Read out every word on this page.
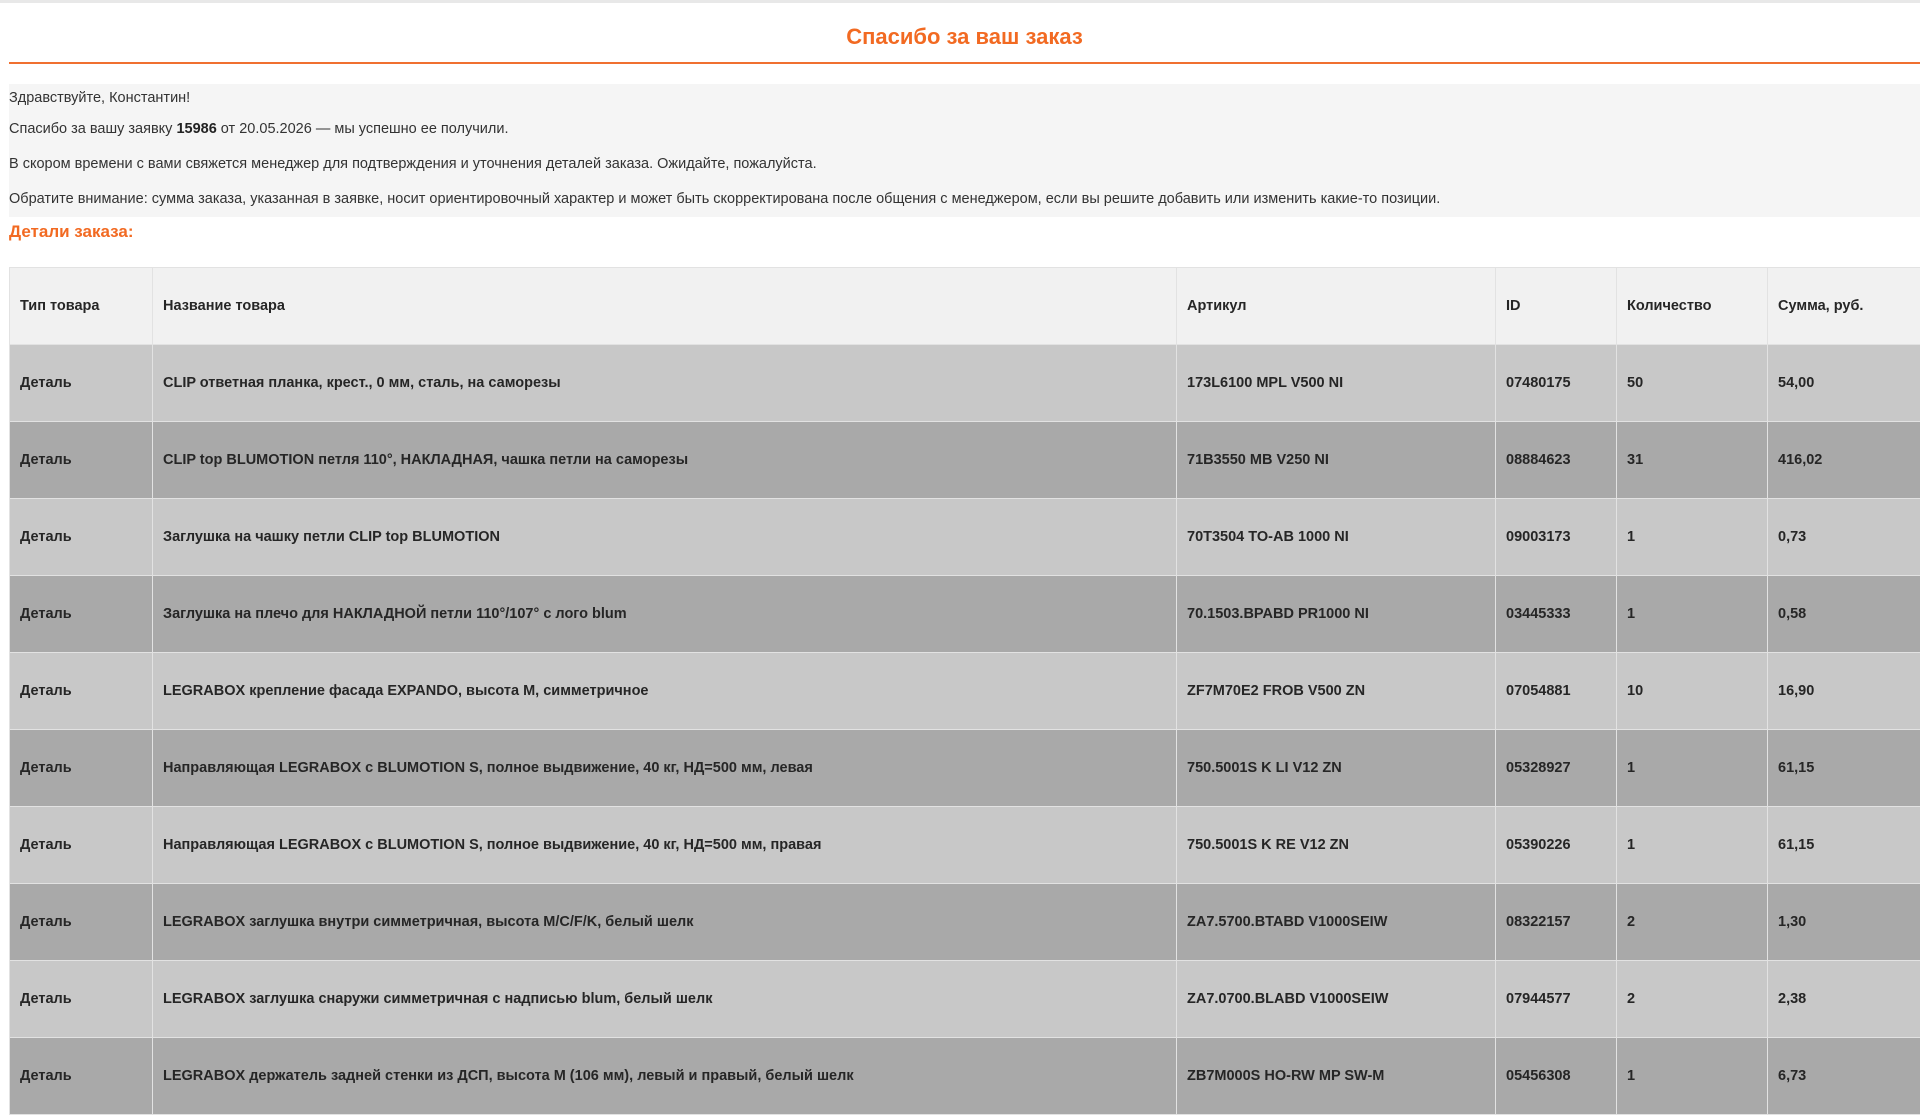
Спасибо за ваш заказ

Здравствуйте, Константин!

Спасибо за вашу заявку 15986 от 20.05.2026 — мы успешно ее получили.

В скором времени с вами свяжется менеджер для подтверждения и уточнения деталей заказа. Ожидайте, пожалуйста.

Обратите внимание: сумма заказа, указанная в заявке, носит ориентировочный характер и может быть скорректирована после общения с менеджером, если вы решите добавить или изменить какие-то позиции.

Детали заказа:
Тип товара	Название товара	Артикул	ID	Количество	Сумма, руб.
Деталь	CLIP ответная планка, крест., 0 мм, сталь, на саморезы	173L6100 MPL V500 NI	07480175	50	54,00
Деталь	CLIP top BLUMOTION петля 110°, НАКЛАДНАЯ, чашка петли на саморезы	71B3550 MB V250 NI	08884623	31	416,02
Деталь	Заглушка на чашку петли CLIP top BLUMOTION	70T3504 TO-AB 1000 NI	09003173	1	0,73
Деталь	Заглушка на плечо для НАКЛАДНОЙ петли 110°/107° с лого blum	70.1503.BPABD PR1000 NI	03445333	1	0,58
Деталь	LEGRABOX крепление фасада EXPANDO, высота M, симметричное	ZF7M70E2 FROB V500 ZN	07054881	10	16,90
Деталь	Направляющая LEGRABOX с BLUMOTION S, полное выдвижение, 40 кг, НД=500 мм, левая	750.5001S K LI V12 ZN	05328927	1	61,15
Деталь	Направляющая LEGRABOX с BLUMOTION S, полное выдвижение, 40 кг, НД=500 мм, правая	750.5001S K RE V12 ZN	05390226	1	61,15
Деталь	LEGRABOX заглушка внутри симметричная, высота M/C/F/K, белый шелк	ZA7.5700.BTABD V1000SEIW	08322157	2	1,30
Деталь	LEGRABOX заглушка снаружи симметричная с надписью blum, белый шелк	ZA7.0700.BLABD V1000SEIW	07944577	2	2,38
Деталь	LEGRABOX держатель задней стенки из ДСП, высота M (106 мм), левый и правый, белый шелк	ZB7M000S HO-RW MP SW-M	05456308	1	6,73
